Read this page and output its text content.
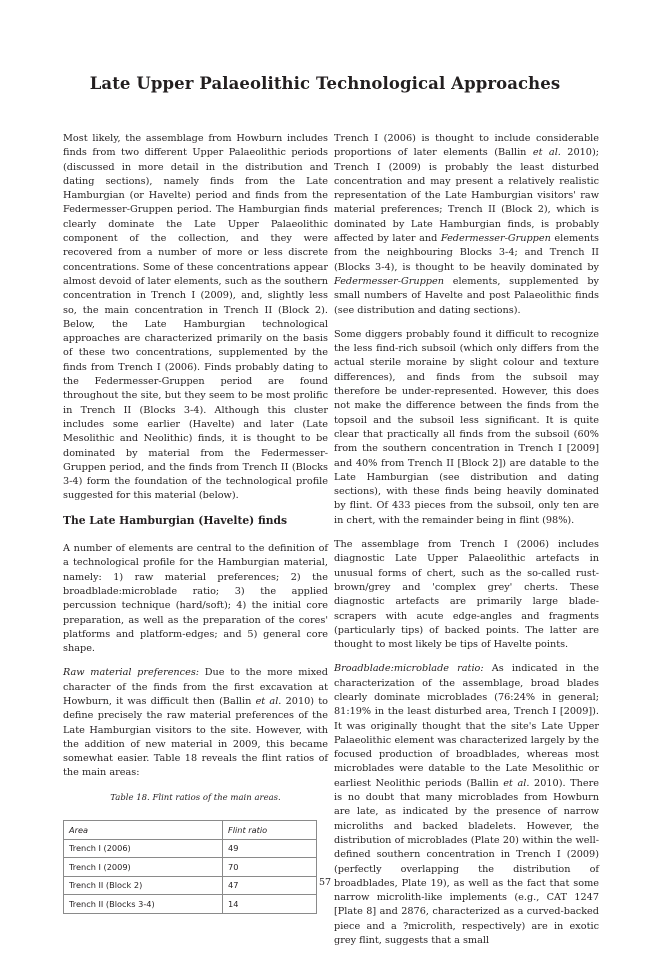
Late Upper Palaeolithic Technological Approaches

Most likely, the assemblage from Howburn includes finds from two different Upper Palaeolithic periods (discussed in more detail in the distribution and dating sections), namely finds from the Late Hamburgian (or Havelte) period and finds from the Federmesser-Gruppen period. The Hamburgian finds clearly dominate the Late Upper Palaeolithic component of the collection, and they were recovered from a number of more or less discrete concentrations. Some of these concentrations appear almost devoid of later elements, such as the southern concentration in Trench I (2009), and, slightly less so, the main concentration in Trench II (Block 2). Below, the Late Hamburgian technological approaches are characterized primarily on the basis of these two concentrations, supplemented by the finds from Trench I (2006). Finds probably dating to the Federmesser-Gruppen period are found throughout the site, but they seem to be most prolific in Trench II (Blocks 3-4). Although this cluster includes some earlier (Havelte) and later (Late Mesolithic and Neolithic) finds, it is thought to be dominated by material from the Federmesser-Gruppen period, and the finds from Trench II (Blocks 3-4) form the foundation of the technological profile suggested for this material (below).

The Late Hamburgian (Havelte) finds

A number of elements are central to the definition of a technological profile for the Hamburgian material, namely: 1) raw material preferences; 2) the broadblade:microblade ratio; 3) the applied percussion technique (hard/soft); 4) the initial core preparation, as well as the preparation of the cores' platforms and platform-edges; and 5) general core shape.

Raw material preferences: Due to the more mixed character of the finds from the first excavation at Howburn, it was difficult then (Ballin et al. 2010) to define precisely the raw material preferences of the Late Hamburgian visitors to the site. However, with the addition of new material in 2009, this became somewhat easier. Table 18 reveals the flint ratios of the main areas:

Table 18. Flint ratios of the main areas.
Area	Flint ratio
Trench I (2006)	49
Trench I (2009)	70
Trench II (Block 2)	47
Trench II (Blocks 3-4)	14

Trench I (2006) is thought to include considerable proportions of later elements (Ballin et al. 2010); Trench I (2009) is probably the least disturbed concentration and may present a relatively realistic representation of the Late Hamburgian visitors' raw material preferences; Trench II (Block 2), which is dominated by Late Hamburgian finds, is probably affected by later and Federmesser-Gruppen elements from the neighbouring Blocks 3-4; and Trench II (Blocks 3-4), is thought to be heavily dominated by Federmesser-Gruppen elements, supplemented by small numbers of Havelte and post Palaeolithic finds (see distribution and dating sections).

Some diggers probably found it difficult to recognize the less find-rich subsoil (which only differs from the actual sterile moraine by slight colour and texture differences), and finds from the subsoil may therefore be under-represented. However, this does not make the difference between the finds from the topsoil and the subsoil less significant. It is quite clear that practically all finds from the subsoil (60% from the southern concentration in Trench I [2009] and 40% from Trench II [Block 2]) are datable to the Late Hamburgian (see distribution and dating sections), with these finds being heavily dominated by flint. Of 433 pieces from the subsoil, only ten are in chert, with the remainder being in flint (98%).

The assemblage from Trench I (2006) includes diagnostic Late Upper Palaeolithic artefacts in unusual forms of chert, such as the so-called rust-brown/grey and 'complex grey' cherts. These diagnostic artefacts are primarily large blade-scrapers with acute edge-angles and fragments (particularly tips) of backed points. The latter are thought to most likely be tips of Havelte points.

Broadblade:microblade ratio: As indicated in the characterization of the assemblage, broad blades clearly dominate microblades (76:24% in general; 81:19% in the least disturbed area, Trench I [2009]). It was originally thought that the site's Late Upper Palaeolithic element was characterized largely by the focused production of broadblades, whereas most microblades were datable to the Late Mesolithic or earliest Neolithic periods (Ballin et al. 2010). There is no doubt that many microblades from Howburn are late, as indicated by the presence of narrow microliths and backed bladelets. However, the distribution of microblades (Plate 20) within the well-defined southern concentration in Trench I (2009) (perfectly overlapping the distribution of broadblades, Plate 19), as well as the fact that some narrow microlith-like implements (e.g., CAT 1247 [Plate 8] and 2876, characterized as a curved-backed piece and a ?microlith, respectively) are in exotic grey flint, suggests that a small

57
